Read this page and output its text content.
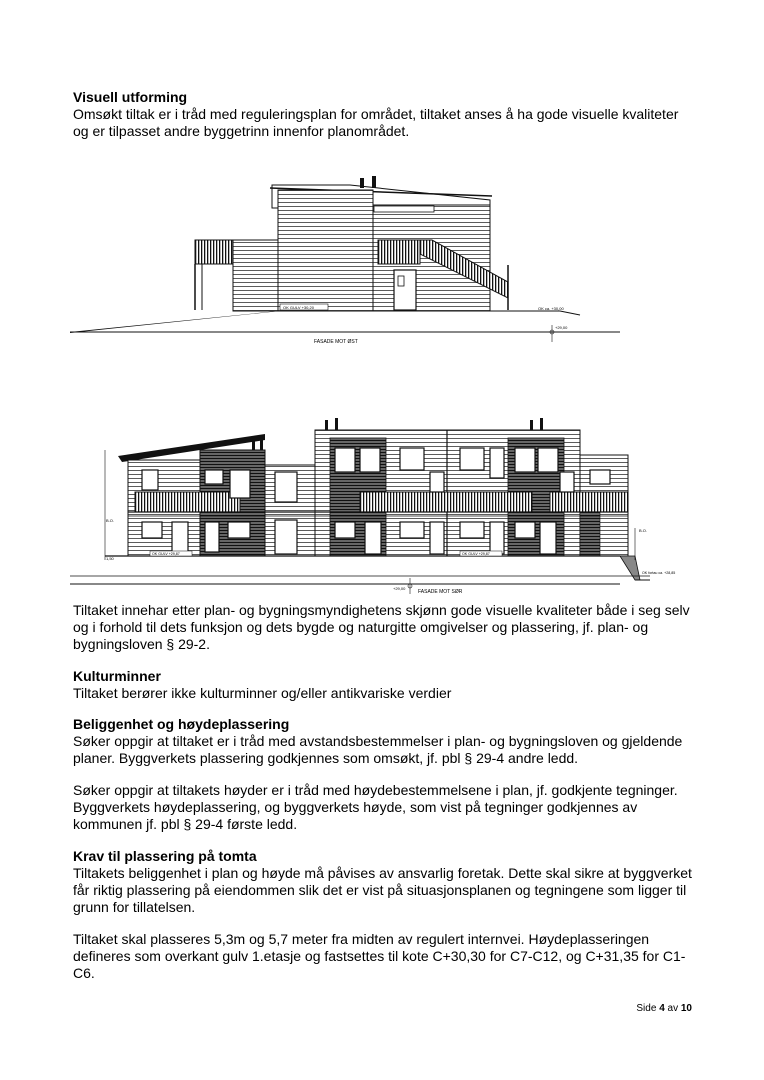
Visuell utforming
Omsøkt tiltak er i tråd med reguleringsplan for området, tiltaket anses å ha gode visuelle kvaliteter og er tilpasset andre byggetrinn innenfor planområdet.
OK GULV +30,20	OK ca. +30,00
+29,00
FASADE MOT ØST
B.O.
B.O.
1,50
OK GULV +29,87	OK GULV +29,87
OK fortau ca. +28,85
+29,00
FASADE MOT SØR
Tiltaket innehar etter plan- og bygningsmyndighetens skjønn gode visuelle kvaliteter både i seg selv og i forhold til dets funksjon og dets bygde og naturgitte omgivelser og plassering, jf. plan- og bygningsloven § 29-2.
Kulturminner
Tiltaket berører ikke kulturminner og/eller antikvariske verdier
Beliggenhet og høydeplassering
Søker oppgir at tiltaket er i tråd med avstandsbestemmelser i plan- og bygningsloven og gjeldende planer. Byggverkets plassering godkjennes som omsøkt, jf. pbl § 29-4 andre ledd.
Søker oppgir at tiltakets høyder er i tråd med høydebestemmelsene i plan, jf. godkjente tegninger. Byggverkets høydeplassering, og byggverkets høyde, som vist på tegninger godkjennes av kommunen jf. pbl § 29-4 første ledd.
Krav til plassering på tomta
Tiltakets beliggenhet i plan og høyde må påvises av ansvarlig foretak. Dette skal sikre at byggverket får riktig plassering på eiendommen slik det er vist på situasjonsplanen og tegningene som ligger til grunn for tillatelsen.
Tiltaket skal plasseres 5,3m og 5,7 meter fra midten av regulert internvei. Høydeplasseringen defineres som overkant gulv 1.etasje og fastsettes til kote C+30,30 for C7-C12, og C+31,35 for C1-C6.
Side 4 av 10
